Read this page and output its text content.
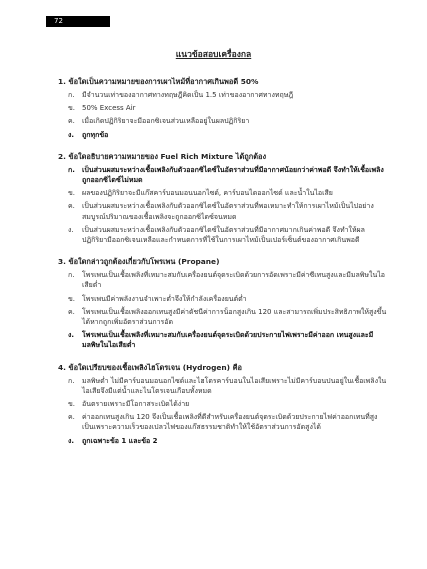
72
แนวข้อสอบเครื่องกล
1. ข้อใดเป็นความหมายของการเผาไหม้ที่อากาศเกินพอดี 50%
ก.	มีจำนวนเท่าของอากาศทางทฤษฎีคิดเป็น 1.5 เท่าของอากาศทางทฤษฎี
ข. 50% Excess Air
ค.	เมื่อเกิดปฏิกิริยาจะมีออกซิเจนส่วนเหลืออยู่ในผลปฏิกิริยา
ง.	ถูกทุกข้อ
2. ข้อใดอธิบายความหมายของ Fuel Rich Mixture ได้ถูกต้อง
ก.	เป็นส่วนผสมระหว่างเชื้อเพลิงกับตัวออกซิไดซ์ในอัตราส่วนที่มีอากาศน้อยกว่าค่าพอดี จึงทำให้เชื้อเพลิงถูกออกซิไดซ์ไม่หมด
ข. ผลของปฏิกิริยาจะมีแก๊สคาร์บอนมอนนอกไซด์, คาร์บอนไดออกไซด์ และน้ำในไอเสีย
ค.	เป็นส่วนผสมระหว่างเชื้อเพลิงกับตัวออกซิไดซ์ในอัตราส่วนที่พอเหมาะทำให้การเผาไหม้เป็นไปอย่างสมบูรณ์ปริมาณของเชื้อเพลิงจะถูกออกซิไดซ์จนหมด
ง.	เป็นส่วนผสมระหว่างเชื้อเพลิงกับตัวออกซิไดซ์ในอัตราส่วนที่มีอากาศมากเกินค่าพอดี จึงทำให้ผลปฏิกิริยามีออกซิเจนเหลือและกำหนดการที่ใช้ในการเผาไหม้เป็นเปอร์เซ็นต์ของอากาศเกินพอดี
3. ข้อใดกล่าวถูกต้องเกี่ยวกับโพรเพน (Propane)
ก.	โพรเพนเป็นเชื้อเพลิงที่เหมาะสมกับเครื่องยนต์จุดระเบิดด้วยการอัดเพราะมีค่าซีเทนสูงและมีมลพิษในไอเสียต่ำ
ข. โพรเพนมีค่าพลังงานจำเพาะต่ำจึงให้กำลังเครื่องยนต์ต่ำ
ค.	โพรเพนเป็นเชื้อเพลิงออกเทนสูงมีค่าดัชนีค่าการน็อกสูงเกิน 120 และสามารถเพิ่มประสิทธิภาพให้สูงขึ้นได้หากถูกเพิ่มอัตราส่วนการอัด
ง.	โพรเพนเป็นเชื้อเพลิงที่เหมาะสมกับเครื่องยนต์จุดระเบิดด้วยประกายไฟเพราะมีค่าออก เทนสูงและมีมลพิษในไอเสียต่ำ
4. ข้อใดเปรียบของเชื้อเพลิงไฮโดรเจน (Hydrogen) คือ
ก.	มลพิษต่ำ ไม่มีคาร์บอนมอนอกไซด์และไฮโดรคาร์บอนในไอเสียเพราะไม่มีคาร์บอนปนอยู่ในเชื้อเพลิงในไอเสียจึงมีแต่น้ำและไนโตรเจนเกือบทั้งหมด
ข. อันตรายเพราะมีโอกาสระเบิดได้ง่าย
ค.	ค่าออกเทนสูงเกิน 120 จึงเป็นเชื้อเพลิงที่ดีสำหรับเครื่องยนต์จุดระเบิดด้วยประกายไฟค่าออกเทนที่สูงเป็นเพราะความเร็วของเปลวไฟของแก๊สธรรมชาติทำให้ใช้อัตราส่วนการอัดสูงได้
ง.	ถูกเฉพาะข้อ 1 และข้อ 2
